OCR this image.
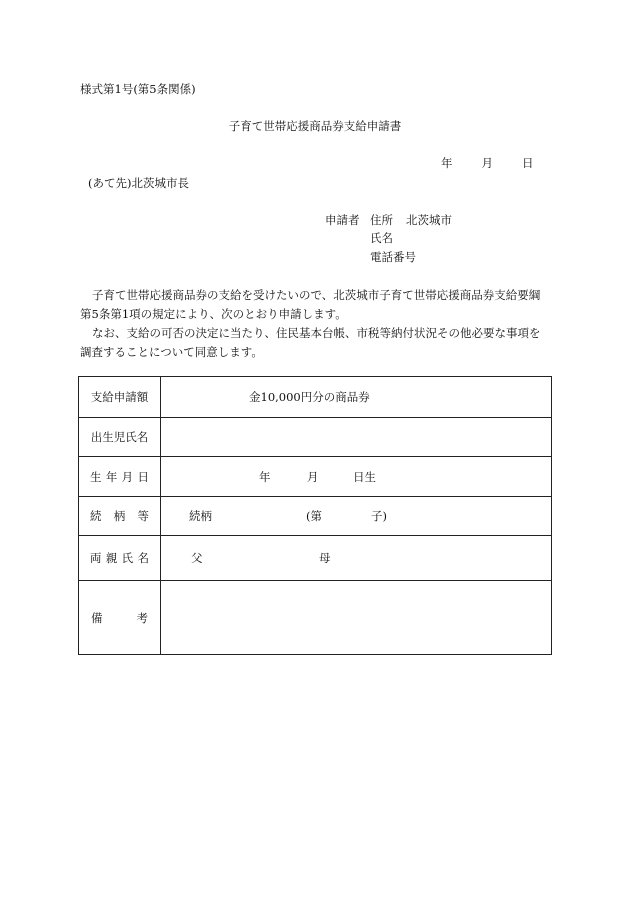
様式第1号(第5条関係)
子育て世帯応援商品券支給申請書
年	月	日
(あて先)北茨城市長
申請者 住所 北茨城市
氏名
電話番号

子育て世帯応援商品券の支給を受けたいので、北茨城市子育て世帯応援商品券支給要綱

第5条第1項の規定により、次のとおり申請します。

なお、支給の可否の決定に当たり、住民基本台帳、市税等納付状況その他必要な事項を

調査することについて同意します。

支給申請額	金10,000円分の商品券

出生児氏名	

生 年 月 日	年 月 日生

続 柄 等	続柄 (第 子)

両 親 氏 名	父 母

備 考	
